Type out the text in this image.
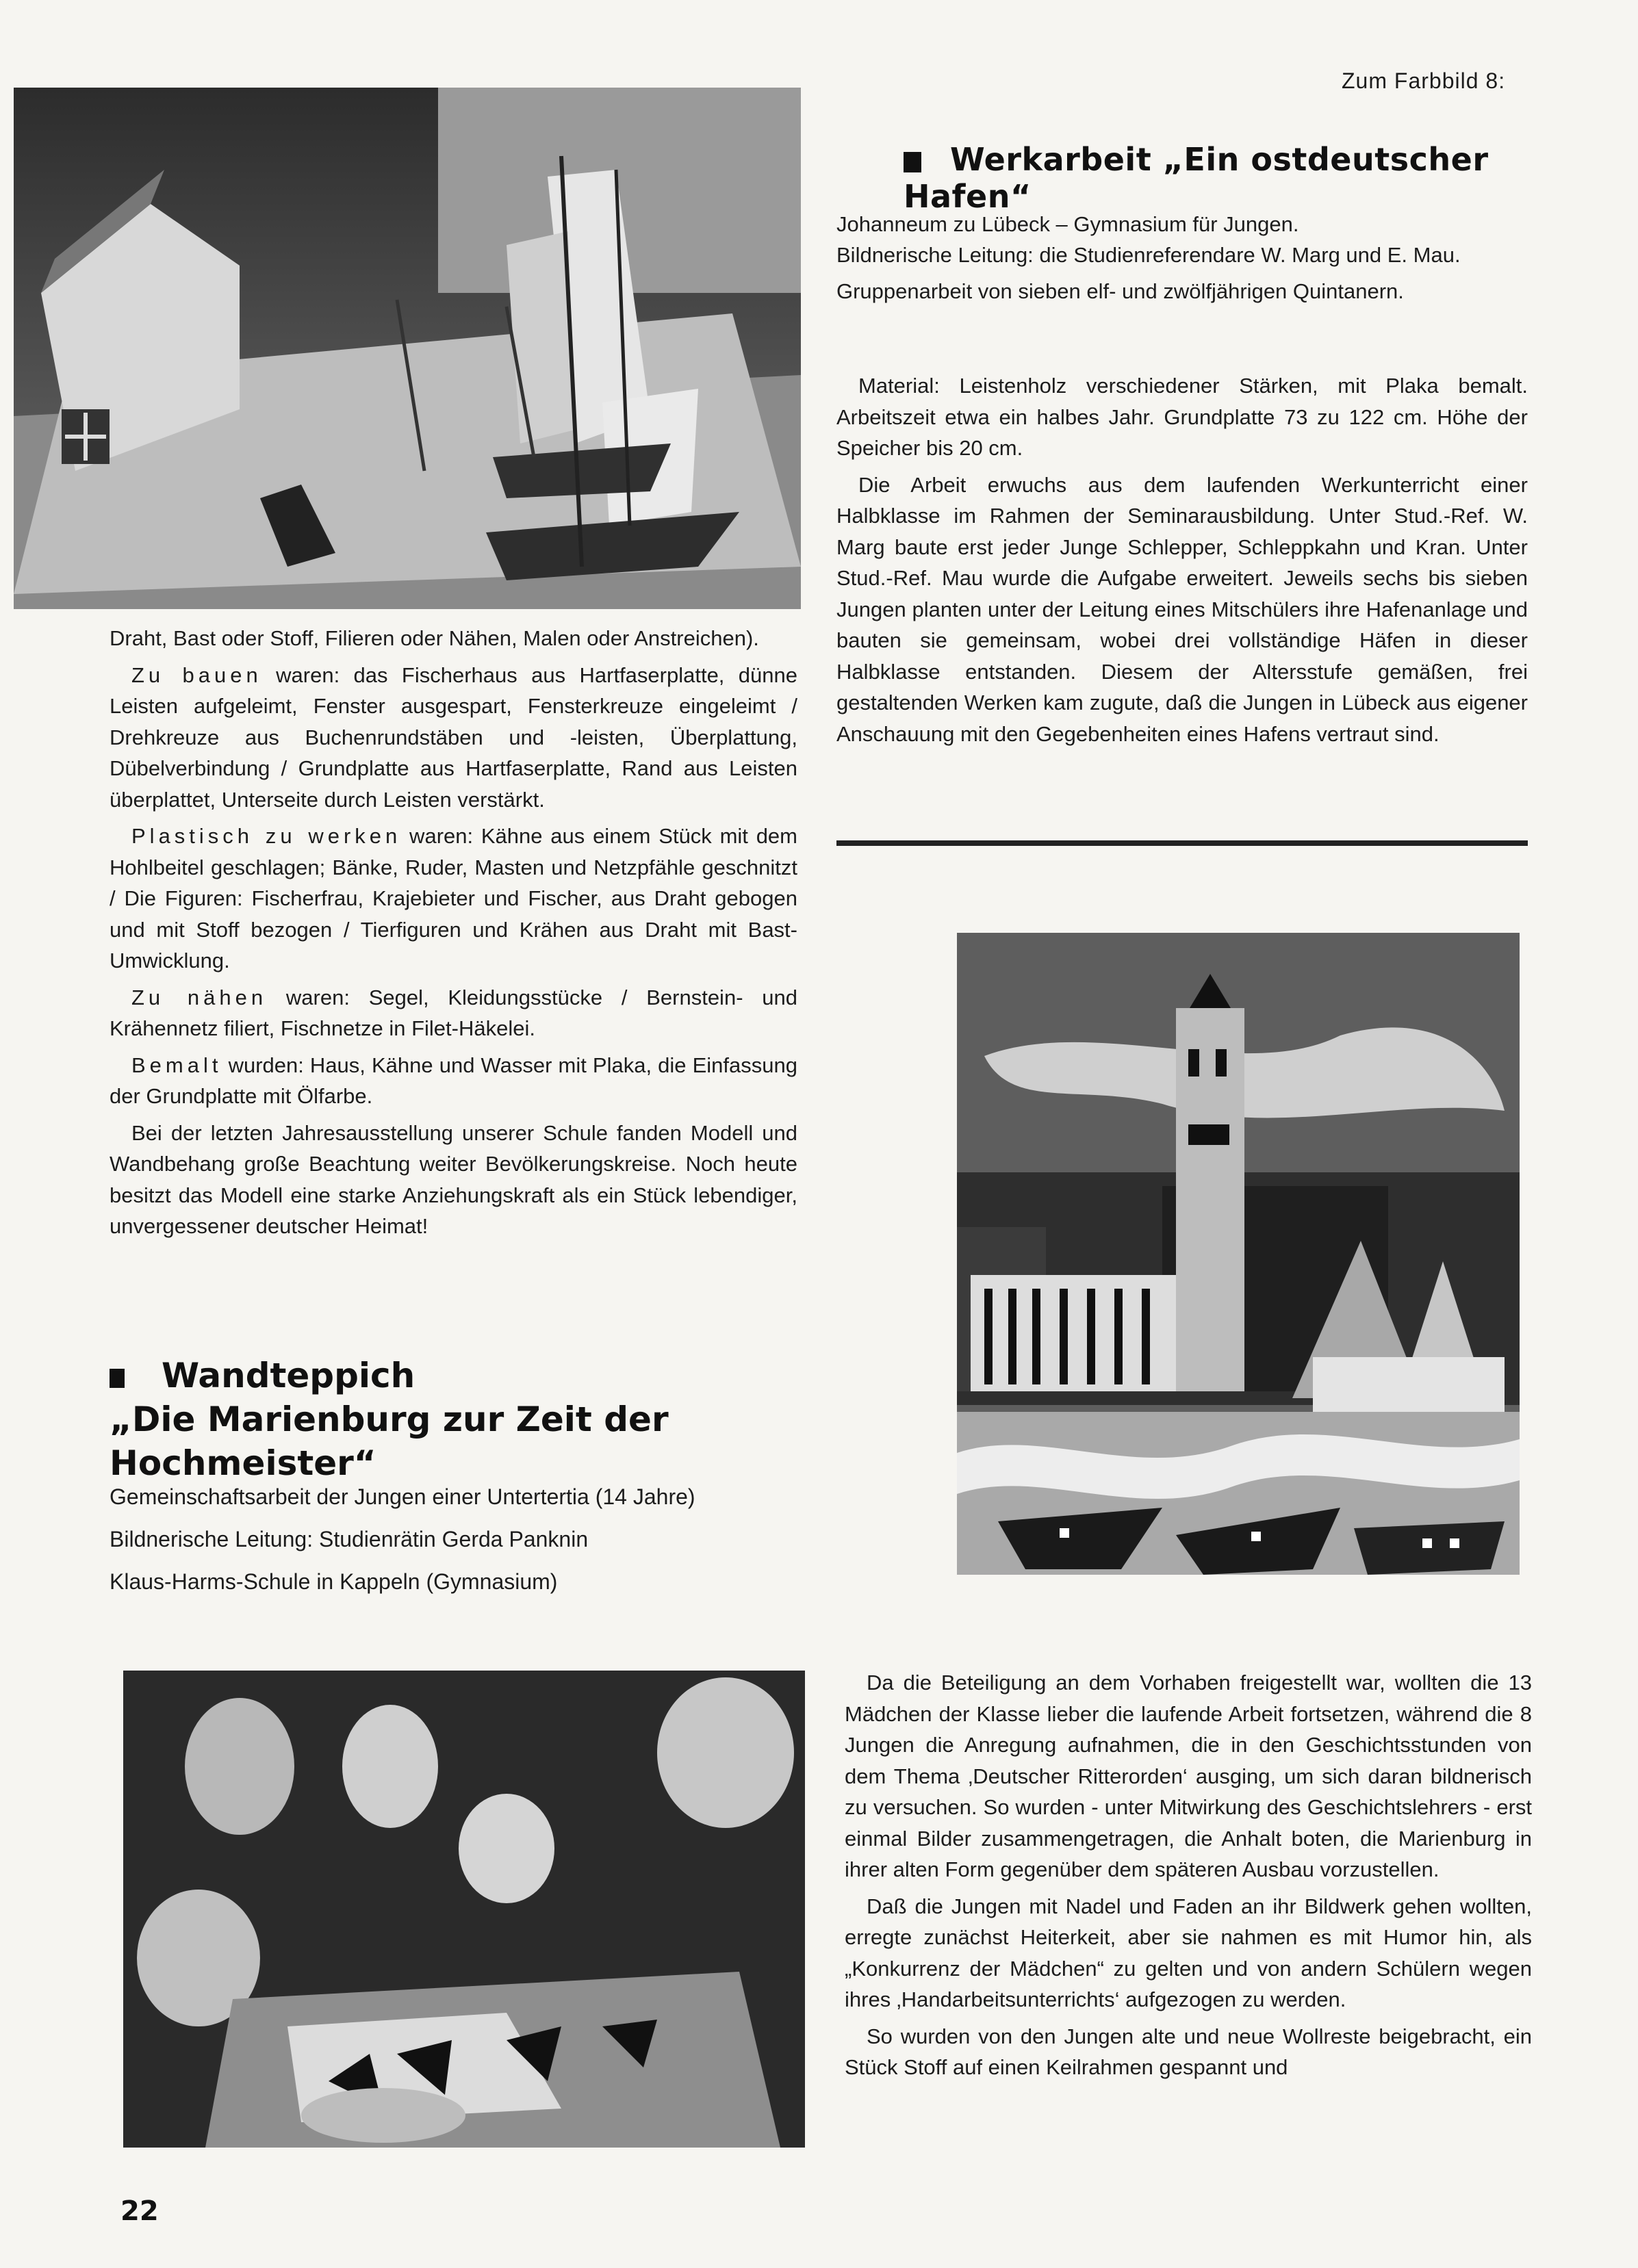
Zum Farbbild 8:
Werkarbeit „Ein ostdeutscher Hafen“
Johanneum zu Lübeck – Gymnasium für Jungen.
Bildnerische Leitung: die Studienreferendare W. Marg und E. Mau.
Gruppenarbeit von sieben elf- und zwölfjährigen Quintanern.

Material: Leistenholz verschiedener Stärken, mit Plaka bemalt. Arbeitszeit etwa ein halbes Jahr. Grundplatte 73 zu 122 cm. Höhe der Speicher bis 20 cm.

Die Arbeit erwuchs aus dem laufenden Werkunterricht einer Halbklasse im Rahmen der Seminarausbildung. Unter Stud.-Ref. W. Marg baute erst jeder Junge Schlepper, Schleppkahn und Kran. Unter Stud.-Ref. Mau wurde die Aufgabe erweitert. Jeweils sechs bis sieben Jungen planten unter der Leitung eines Mitschülers ihre Hafenanlage und bauten sie gemeinsam, wobei drei vollständige Häfen in dieser Halbklasse entstanden. Diesem der Altersstufe gemäßen, frei gestaltenden Werken kam zugute, daß die Jungen in Lübeck aus eigener Anschauung mit den Gegebenheiten eines Hafens vertraut sind.

Draht, Bast oder Stoff, Filieren oder Nähen, Malen oder Anstreichen).

Zu bauen waren: das Fischerhaus aus Hartfaserplatte, dünne Leisten aufgeleimt, Fenster ausgespart, Fensterkreuze eingeleimt / Drehkreuze aus Buchenrundstäben und -leisten, Überplattung, Dübelverbindung / Grundplatte aus Hartfaserplatte, Rand aus Leisten überplattet, Unterseite durch Leisten verstärkt.

Plastisch zu werken waren: Kähne aus einem Stück mit dem Hohlbeitel geschlagen; Bänke, Ruder, Masten und Netzpfähle geschnitzt / Die Figuren: Fischerfrau, Krajebieter und Fischer, aus Draht gebogen und mit Stoff bezogen / Tierfiguren und Krähen aus Draht mit Bast-Umwicklung.

Zu nähen waren: Segel, Kleidungsstücke / Bernstein- und Krähennetz filiert, Fischnetze in Filet-Häkelei.

Bemalt wurden: Haus, Kähne und Wasser mit Plaka, die Einfassung der Grundplatte mit Ölfarbe.

Bei der letzten Jahresausstellung unserer Schule fanden Modell und Wandbehang große Beachtung weiter Bevölkerungskreise. Noch heute besitzt das Modell eine starke Anziehungskraft als ein Stück lebendiger, unvergessener deutscher Heimat!

Wandteppich
„Die Marienburg zur Zeit der Hochmeister“
Gemeinschaftsarbeit der Jungen einer Untertertia (14 Jahre)
Bildnerische Leitung: Studienrätin Gerda Panknin
Klaus-Harms-Schule in Kappeln (Gymnasium)

Da die Beteiligung an dem Vorhaben freigestellt war, wollten die 13 Mädchen der Klasse lieber die laufende Arbeit fortsetzen, während die 8 Jungen die Anregung aufnahmen, die in den Geschichtsstunden von dem Thema ‚Deutscher Ritterorden‘ ausging, um sich daran bildnerisch zu versuchen. So wurden - unter Mitwirkung des Geschichtslehrers - erst einmal Bilder zusammengetragen, die Anhalt boten, die Marienburg in ihrer alten Form gegenüber dem späteren Ausbau vorzustellen.

Daß die Jungen mit Nadel und Faden an ihr Bildwerk gehen wollten, erregte zunächst Heiterkeit, aber sie nahmen es mit Humor hin, als „Konkurrenz der Mädchen“ zu gelten und von andern Schülern wegen ihres ‚Handarbeitsunterrichts‘ aufgezogen zu werden.

So wurden von den Jungen alte und neue Wollreste beigebracht, ein Stück Stoff auf einen Keilrahmen gespannt und

22
